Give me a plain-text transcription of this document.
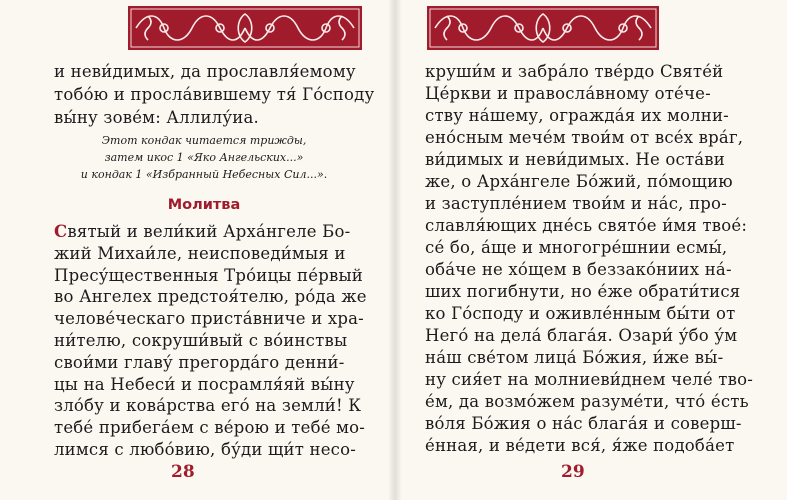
и неви́димых, да прославля́емому
тобо́ю и просла́вившему тя́ Го́споду
вы́ну зове́м: Аллилу́иа.
Этот кондак читается трижды,
затем икос 1 «Яко Ангельских...»
и кондак 1 «Избранный Небесных Сил...».
Молитва
Святый и вели́кий Арха́нгеле Бо-
жий Михаи́ле, неисповеди́мыя и
Пресу́щественныя Тро́ицы пе́рвый
во Ангелех предстоя́телю, ро́да же
челове́ческаго приста́вниче и хра-
ни́телю, сокруши́вый с во́инствы
свои́ми главу́ прегорда́го денни́-
цы на Небеси́ и посрамля́яй вы́ну
зло́бу и кова́рства его́ на земли́! К
тебе́ прибега́ем с ве́рою и тебе́ мо-
28
лимся с любо́вию, бу́ди щи́т несо-
круши́м и забра́ло тве́рдо Святе́й
Це́ркви и правосла́вному оте́че-
ству на́шему, огражда́я их молни-
ено́сным мече́м твои́м от все́х вра́г,
ви́димых и неви́димых. Не оста́ви
же, о Арха́нгеле Бо́жий, по́мощию
и заступле́нием твои́м и на́с, про-
славля́ющих дне́сь свято́е и́мя твое́:
се́ бо, а́ще и многогре́шнии есмы́,
оба́че не хо́щем в беззако́ниих на́-
ших погибнути, но е́же обрати́тися
ко Го́споду и оживле́нным бы́ти от
Него́ на дела́ блага́я. Озари́ у́бо у́м
на́ш све́том лица́ Бо́жия, и́же вы́-
ну сия́ет на молниеви́днем челе́ тво-
е́м, да возмо́жем разуме́ти, что́ е́сть
во́ля Бо́жия о на́с блага́я и соверш-
е́нная, и ве́дети вся́, я́же подоба́ет
29
